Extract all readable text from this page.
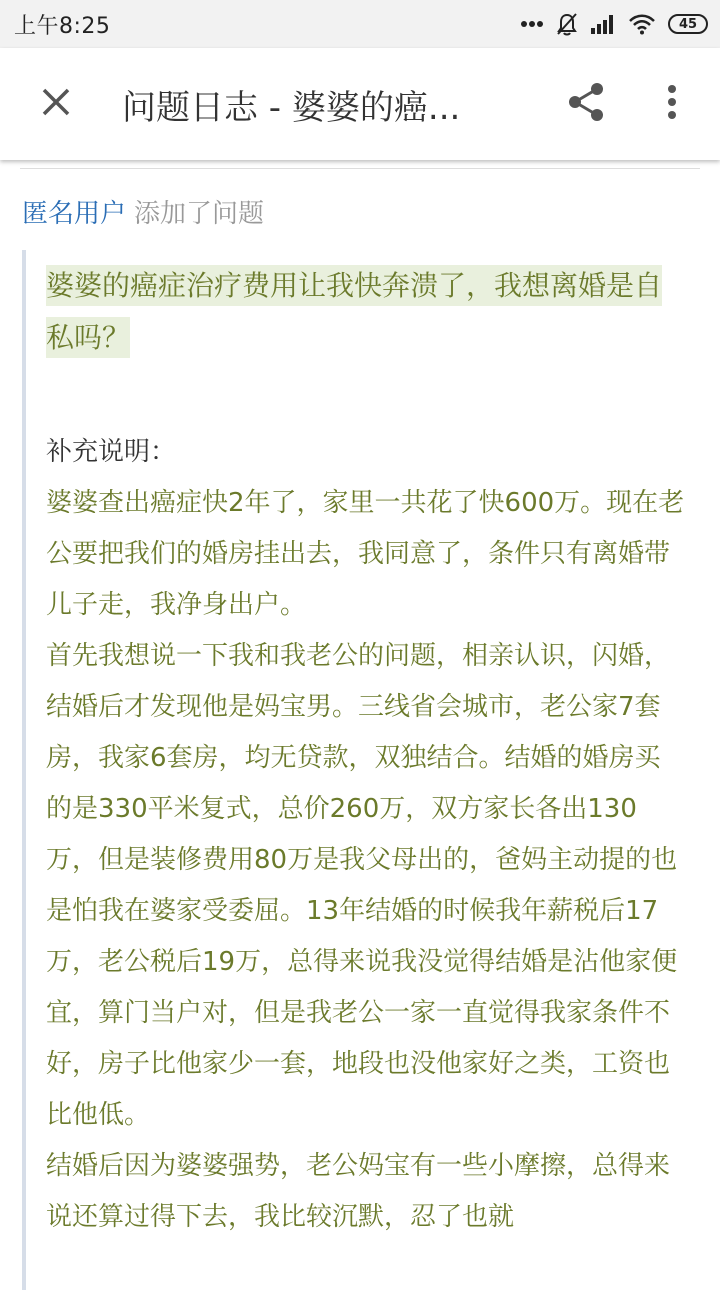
上午8:25	45
问题日志 - 婆婆的癌...
匿名用户 添加了问题
婆婆的癌症治疗费用让我快奔溃了，我想离婚是自私吗？
补充说明：
婆婆查出癌症快2年了，家里一共花了快600万。现在老公要把我们的婚房挂出去，我同意了，条件只有离婚带儿子走，我净身出户。
首先我想说一下我和我老公的问题，相亲认识，闪婚，结婚后才发现他是妈宝男。三线省会城市，老公家7套房，我家6套房，均无贷款，双独结合。结婚的婚房买的是330平米复式，总价260万，双方家长各出130万，但是装修费用80万是我父母出的，爸妈主动提的也是怕我在婆家受委屈。13年结婚的时候我年薪税后17万，老公税后19万，总得来说我没觉得结婚是沾他家便宜，算门当户对，但是我老公一家一直觉得我家条件不好，房子比他家少一套，地段也没他家好之类，工资也比他低。
结婚后因为婆婆强势，老公妈宝有一些小摩擦，总得来说还算过得下去，我比较沉默，忍了也就
